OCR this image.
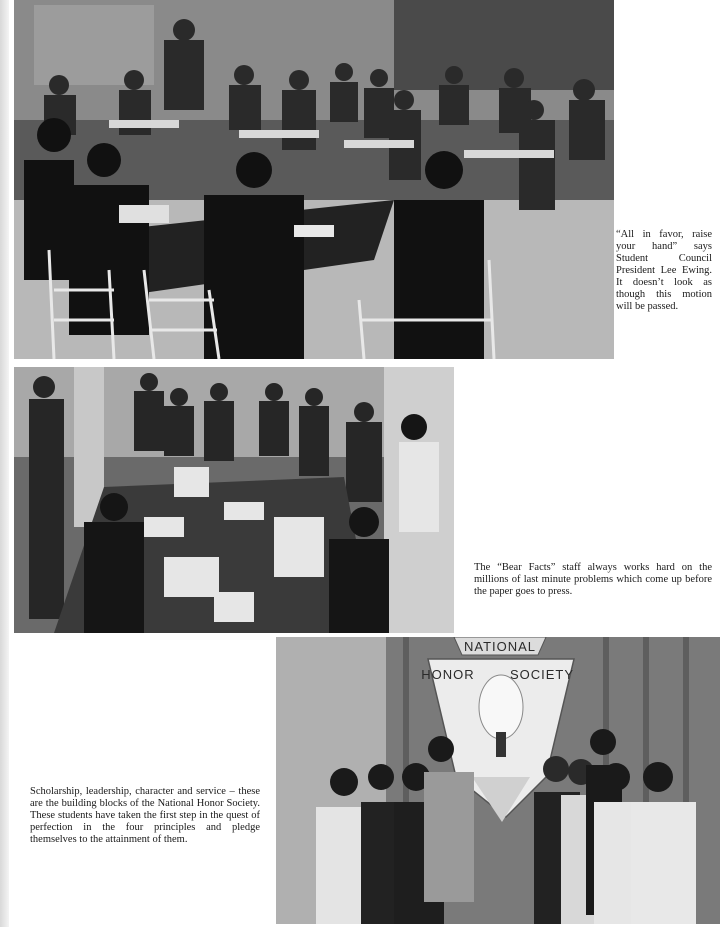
“All in favor, raise your hand” says Student Council President Lee Ewing. It doesn’t look as though this motion will be passed.
The “Bear Facts” staff always works hard on the millions of last minute problems which come up before the paper goes to press.
NATIONAL
HONOR	SOCIETY
Scholarship, leadership, character and service – these are the building blocks of the National Honor Society. These students have taken the first step in the quest of perfection in the four principles and pledge themselves to the attainment of them.
